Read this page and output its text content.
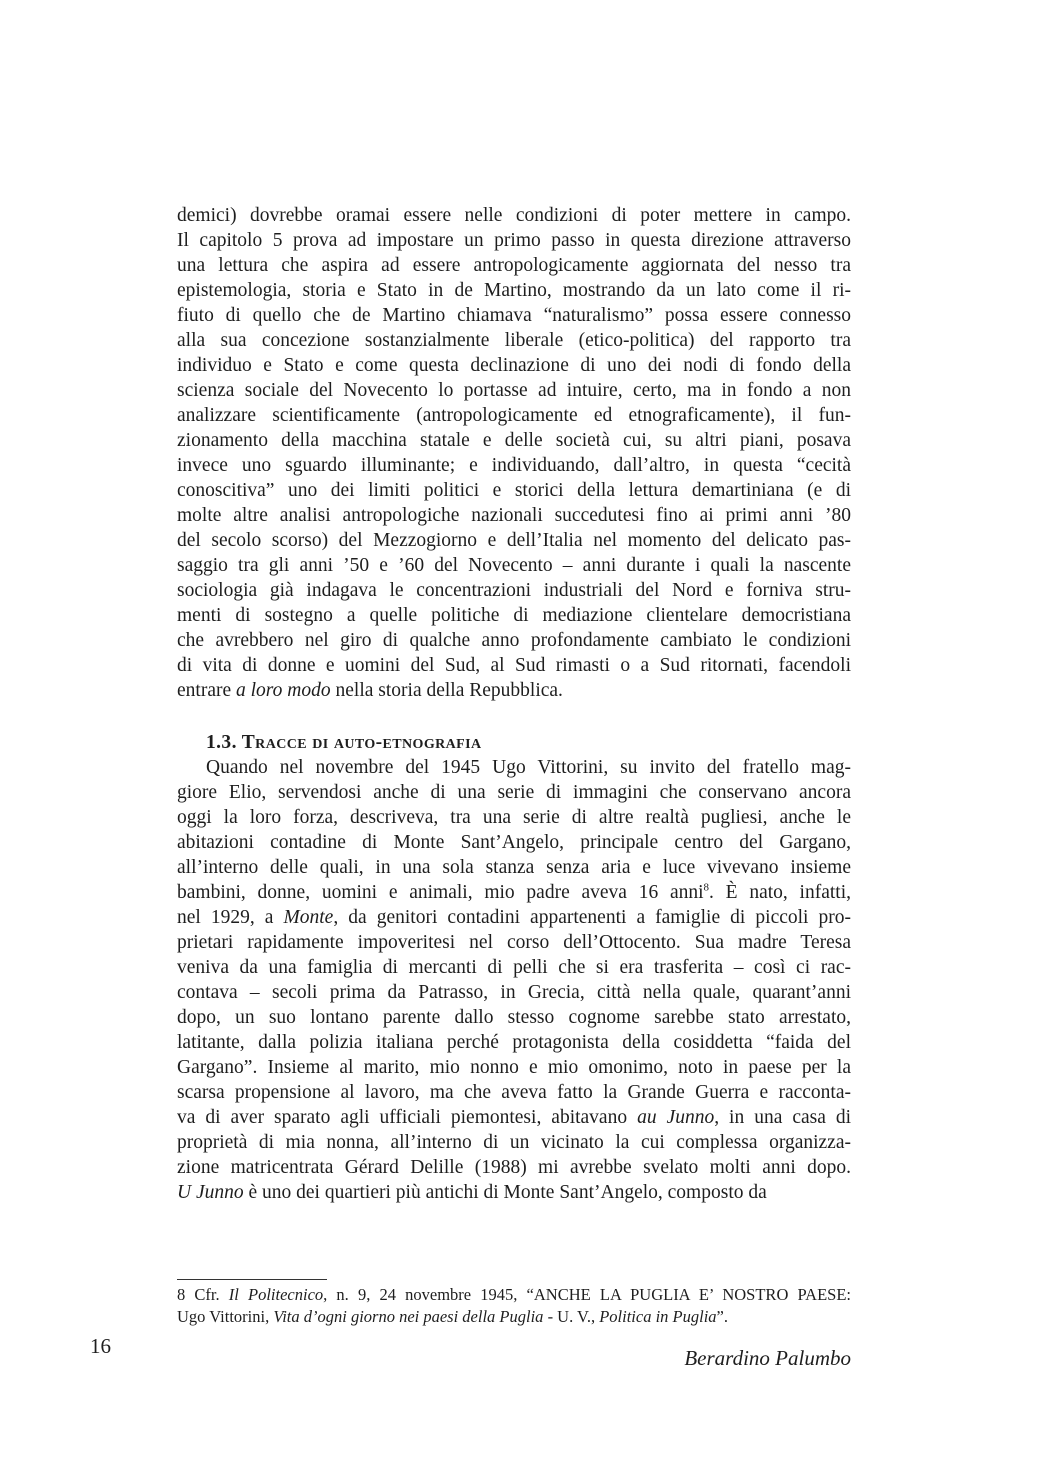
demici) dovrebbe oramai essere nelle condizioni di poter mettere in campo.
Il capitolo 5 prova ad impostare un primo passo in questa direzione attraverso
una lettura che aspira ad essere antropologicamente aggiornata del nesso tra
epistemologia, storia e Stato in de Martino, mostrando da un lato come il ri-
fiuto di quello che de Martino chiamava “naturalismo” possa essere connesso
alla sua concezione sostanzialmente liberale (etico-politica) del rapporto tra
individuo e Stato e come questa declinazione di uno dei nodi di fondo della
scienza sociale del Novecento lo portasse ad intuire, certo, ma in fondo a non
analizzare scientificamente (antropologicamente ed etnograficamente), il fun-
zionamento della macchina statale e delle società cui, su altri piani, posava
invece uno sguardo illuminante; e individuando, dall’altro, in questa “cecità
conoscitiva” uno dei limiti politici e storici della lettura demartiniana (e di
molte altre analisi antropologiche nazionali succedutesi fino ai primi anni ’80
del secolo scorso) del Mezzogiorno e dell’Italia nel momento del delicato pas-
saggio tra gli anni ’50 e ’60 del Novecento – anni durante i quali la nascente
sociologia già indagava le concentrazioni industriali del Nord e forniva stru-
menti di sostegno a quelle politiche di mediazione clientelare democristiana
che avrebbero nel giro di qualche anno profondamente cambiato le condizioni
di vita di donne e uomini del Sud, al Sud rimasti o a Sud ritornati, facendoli
entrare a loro modo nella storia della Repubblica.
1.3. Tracce di auto-etnografia
Quando nel novembre del 1945 Ugo Vittorini, su invito del fratello mag-
giore Elio, servendosi anche di una serie di immagini che conservano ancora
oggi la loro forza, descriveva, tra una serie di altre realtà pugliesi, anche le
abitazioni contadine di Monte Sant’Angelo, principale centro del Gargano,
all’interno delle quali, in una sola stanza senza aria e luce vivevano insieme
bambini, donne, uomini e animali, mio padre aveva 16 anni$^8$. È nato, infatti,
nel 1929, a Monte, da genitori contadini appartenenti a famiglie di piccoli pro-
prietari rapidamente impoveritesi nel corso dell’Ottocento. Sua madre Teresa
veniva da una famiglia di mercanti di pelli che si era trasferita – così ci rac-
contava – secoli prima da Patrasso, in Grecia, città nella quale, quarant’anni
dopo, un suo lontano parente dallo stesso cognome sarebbe stato arrestato,
latitante, dalla polizia italiana perché protagonista della cosiddetta “faida del
Gargano”. Insieme al marito, mio nonno e mio omonimo, noto in paese per la
scarsa propensione al lavoro, ma che aveva fatto la Grande Guerra e racconta-
va di aver sparato agli ufficiali piemontesi, abitavano au Junno, in una casa di
proprietà di mia nonna, all’interno di un vicinato la cui complessa organizza-
zione matricentrata Gérard Delille (1988) mi avrebbe svelato molti anni dopo.
U Junno è uno dei quartieri più antichi di Monte Sant’Angelo, composto da
8 Cfr. Il Politecnico, n. 9, 24 novembre 1945, “ANCHE LA PUGLIA E’ NOSTRO PAESE:
Ugo Vittorini, Vita d’ogni giorno nei paesi della Puglia - U. V., Politica in Puglia”.
16	Berardino Palumbo
